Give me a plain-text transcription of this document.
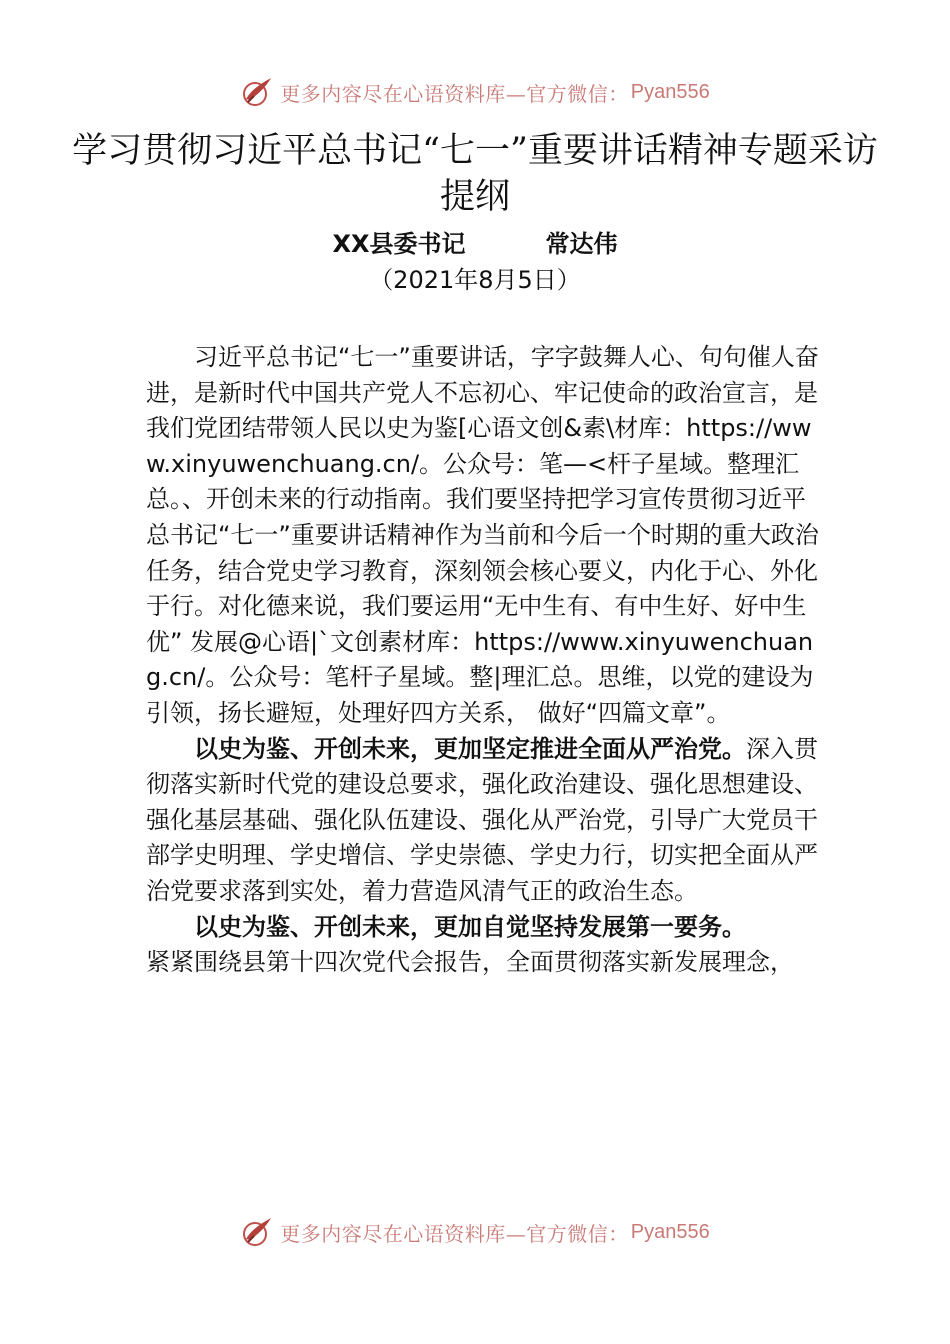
更多内容尽在心语资料库—官方微信： Pyan556
学习贯彻习近平总书记“七一”重要讲话精神专题采访提纲
XX县委书记	常达伟
（2021年8月5日）

习近平总书记“七一”重要讲话，字字鼓舞人心、句句催人奋进，是新时代中国共产党人不忘初心、牢记使命的政治宣言，是我们党团结带领人民以史为鉴[心语文创&素\材库：https://www.xinyuwenchuang.cn/。公众号：笔—<杆子星域。整理汇总。、开创未来的行动指南。我们要坚持把学习宣传贯彻习近平总书记“七一”重要讲话精神作为当前和今后一个时期的重大政治任务，结合党史学习教育，深刻领会核心要义，内化于心、外化于行。对化德来说，我们要运用“无中生有、有中生好、好中生优” 发展@心语|`文创素材库：https://www.xinyuwenchuang.cn/。公众号：笔杆子星域。整|理汇总。思维，以党的建设为引领，扬长避短，处理好四方关系， 做好“四篇文章”。

以史为鉴、开创未来，更加坚定推进全面从严治党。深入贯彻落实新时代党的建设总要求，强化政治建设、强化思想建设、强化基层基础、强化队伍建设、强化从严治党，引导广大党员干部学史明理、学史增信、学史崇德、学史力行，切实把全面从严治党要求落到实处，着力营造风清气正的政治生态。

以史为鉴、开创未来，更加自觉坚持发展第一要务。

紧紧围绕县第十四次党代会报告，全面贯彻落实新发展理念，

更多内容尽在心语资料库—官方微信： Pyan556
